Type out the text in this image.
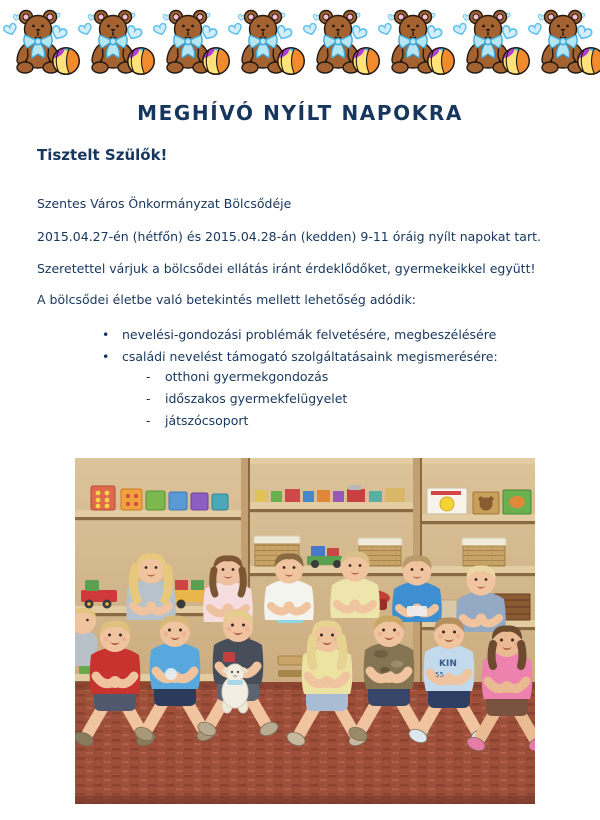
MEGHÍVÓ NYÍLT NAPOKRA
Tisztelt Szülők!
Szentes Város Önkormányzat Bölcsődéje
2015.04.27-én (hétfőn) és 2015.04.28-án (kedden) 9-11 óráig nyílt napokat tart.
Szeretettel várjuk a bölcsődei ellátás iránt érdeklődőket, gyermekeikkel együtt!
A bölcsődei életbe való betekintés mellett lehetőség adódik:
•	nevelési-gondozási problémák felvetésére, megbeszélésére
•	családi nevelést támogató szolgáltatásaink megismerésére:
-	otthoni gyermekgondozás
-	időszakos gyermekfelügyelet
-	játszócsoport
KIN
55
